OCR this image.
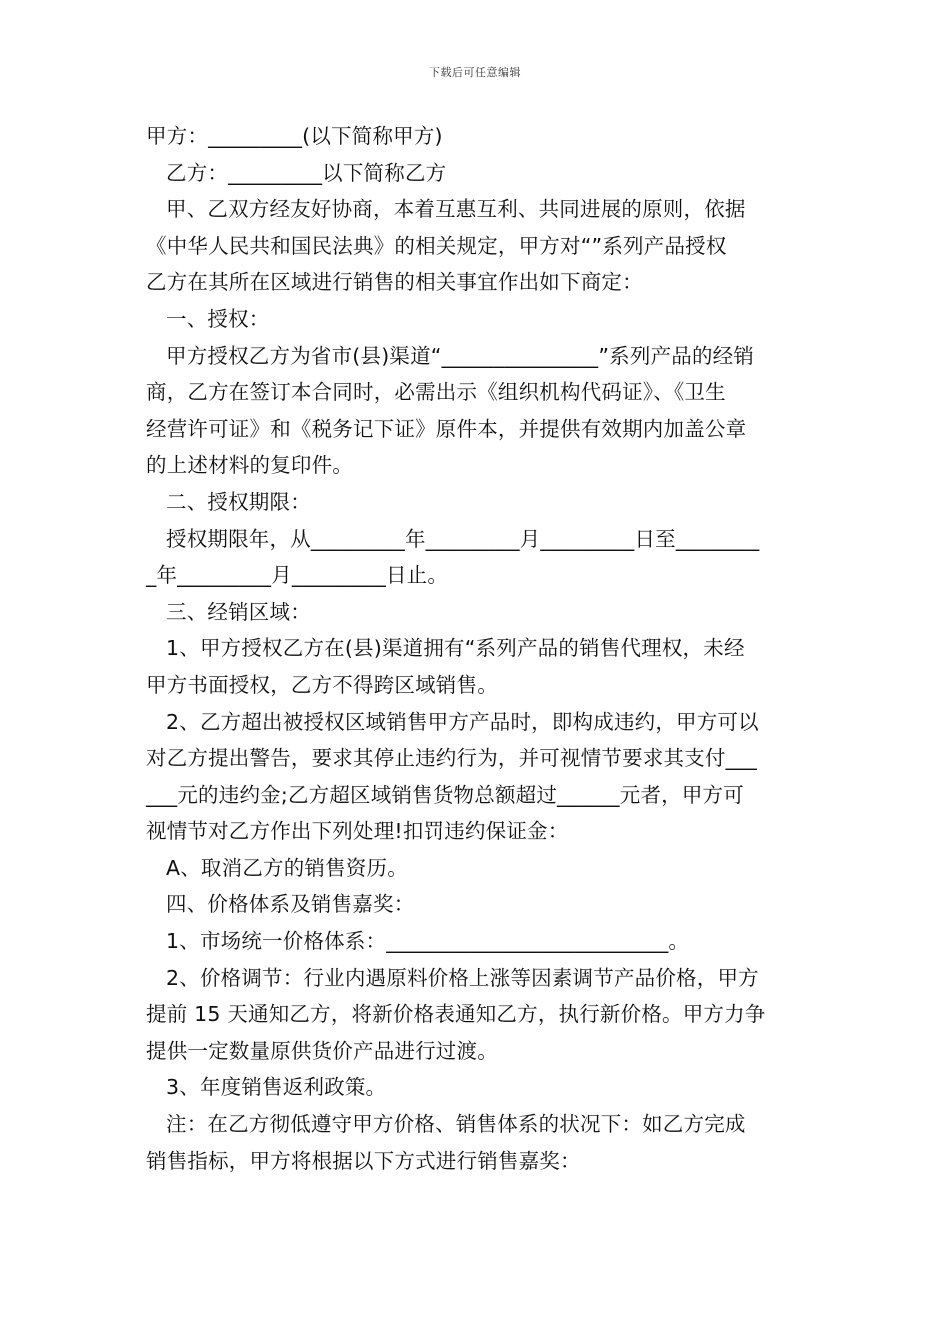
下载后可任意编辑
甲方：_________(以下简称甲方)
乙方：_________以下简称乙方
甲、乙双方经友好协商，本着互惠互利、共同进展的原则，依据
《中华人民共和国民法典》的相关规定，甲方对“”系列产品授权
乙方在其所在区域进行销售的相关事宜作出如下商定：
一、授权：
甲方授权乙方为省市(县)渠道“_______________”系列产品的经销
商，乙方在签订本合同时，必需出示《组织机构代码证》、《卫生
经营许可证》和《税务记下证》原件本，并提供有效期内加盖公章
的上述材料的复印件。
二、授权期限：
授权期限年，从_________年_________月_________日至________
_年_________月_________日止。
三、经销区域：
1、甲方授权乙方在(县)渠道拥有“系列产品的销售代理权，未经
甲方书面授权，乙方不得跨区域销售。
2、乙方超出被授权区域销售甲方产品时，即构成违约，甲方可以
对乙方提出警告，要求其停止违约行为，并可视情节要求其支付___
___元的违约金;乙方超区域销售货物总额超过______元者，甲方可
视情节对乙方作出下列处理!扣罚违约保证金：
A、取消乙方的销售资历。
四、价格体系及销售嘉奖：
1、市场统一价格体系：___________________________。
2、价格调节：行业内遇原料价格上涨等因素调节产品价格，甲方
提前 15 天通知乙方，将新价格表通知乙方，执行新价格。甲方力争
提供一定数量原供货价产品进行过渡。
3、年度销售返利政策。
注：在乙方彻低遵守甲方价格、销售体系的状况下：如乙方完成
销售指标，甲方将根据以下方式进行销售嘉奖：
